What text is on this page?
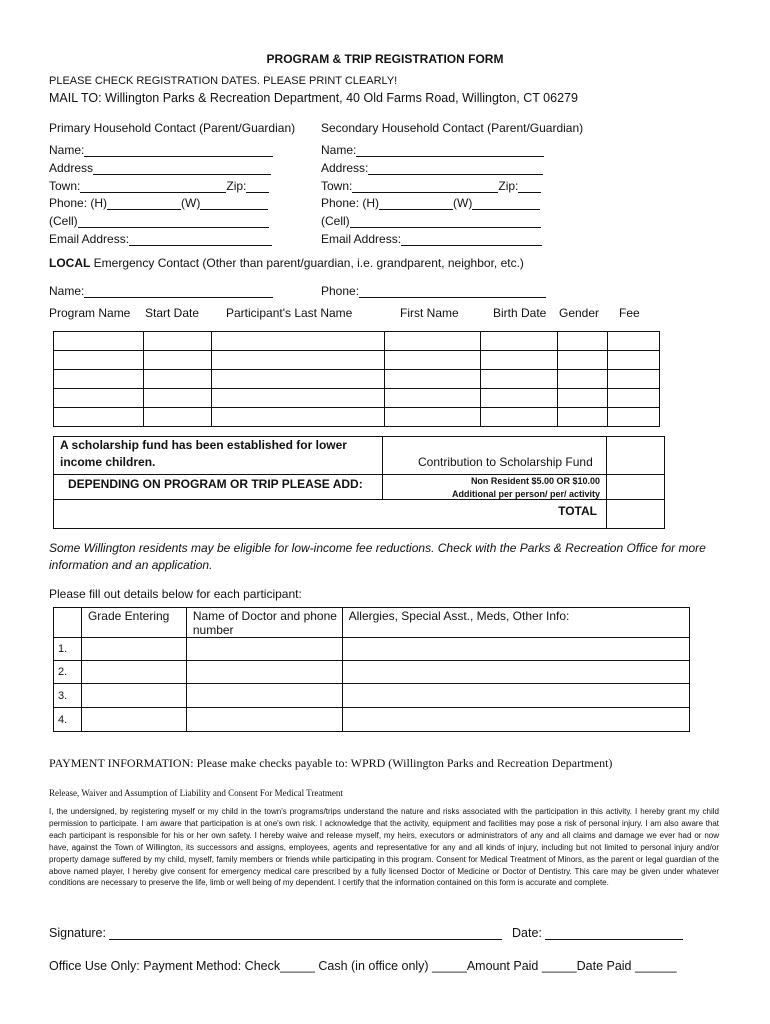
PROGRAM & TRIP REGISTRATION FORM
PLEASE CHECK REGISTRATION DATES. PLEASE PRINT CLEARLY!
MAIL TO: Willington Parks & Recreation Department, 40 Old Farms Road, Willington, CT 06279
Primary Household Contact (Parent/Guardian)
Name:
Address
Town:	Zip:
Phone: (H)	(W)
(Cell)
Email Address:
Secondary Household Contact (Parent/Guardian)
Name:
Address:
Town:	Zip:
Phone: (H)	(W)
(Cell)
Email Address:
LOCAL Emergency Contact (Other than parent/guardian, i.e. grandparent, neighbor, etc.)
Name:	Phone:
Program Name Start Date Participant's Last Name	First Name	Birth Date Gender Fee

A scholarship fund has been established for lower income children.	Contribution to Scholarship Fund
DEPENDING ON PROGRAM OR TRIP PLEASE ADD:	Non Resident $5.00 OR $10.00
Additional per person/ per/ activity
TOTAL
Some Willington residents may be eligible for low-income fee reductions. Check with the Parks & Recreation Office for more information and an application.
Please fill out details below for each participant:
	Grade Entering	Name of Doctor and phone number	Allergies, Special Asst., Meds, Other Info:
1.			
2.			
3.			
4.			
PAYMENT INFORMATION: Please make checks payable to: WPRD (Willington Parks and Recreation Department)
Release, Waiver and Assumption of Liability and Consent For Medical Treatment
I, the undersigned, by registering myself or my child in the town's programs/trips understand the nature and risks associated with the participation in this activity. I hereby grant my child permission to participate. I am aware that participation is at one's own risk. I acknowledge that the activity, equipment and facilities may pose a risk of personal injury. I am also aware that each participant is responsible for his or her own safety. I hereby waive and release myself, my heirs, executors or administrators of any and all claims and damage we ever had or now have, against the Town of Willington, its successors and assigns, employees, agents and representative for any and all kinds of injury, including but not limited to personal injury and/or property damage suffered by my child, myself, family members or friends while participating in this program. Consent for Medical Treatment of Minors, as the parent or legal guardian of the above named player, I hereby give consent for emergency medical care prescribed by a fully licensed Doctor of Medicine or Doctor of Dentistry. This care may be given under whatever conditions are necessary to preserve the life, limb or well being of my dependent. I certify that the information contained on this form is accurate and complete.
Signature:	Date:
Office Use Only: Payment Method: Check_____ Cash (in office only) _____Amount Paid _____Date Paid ______
